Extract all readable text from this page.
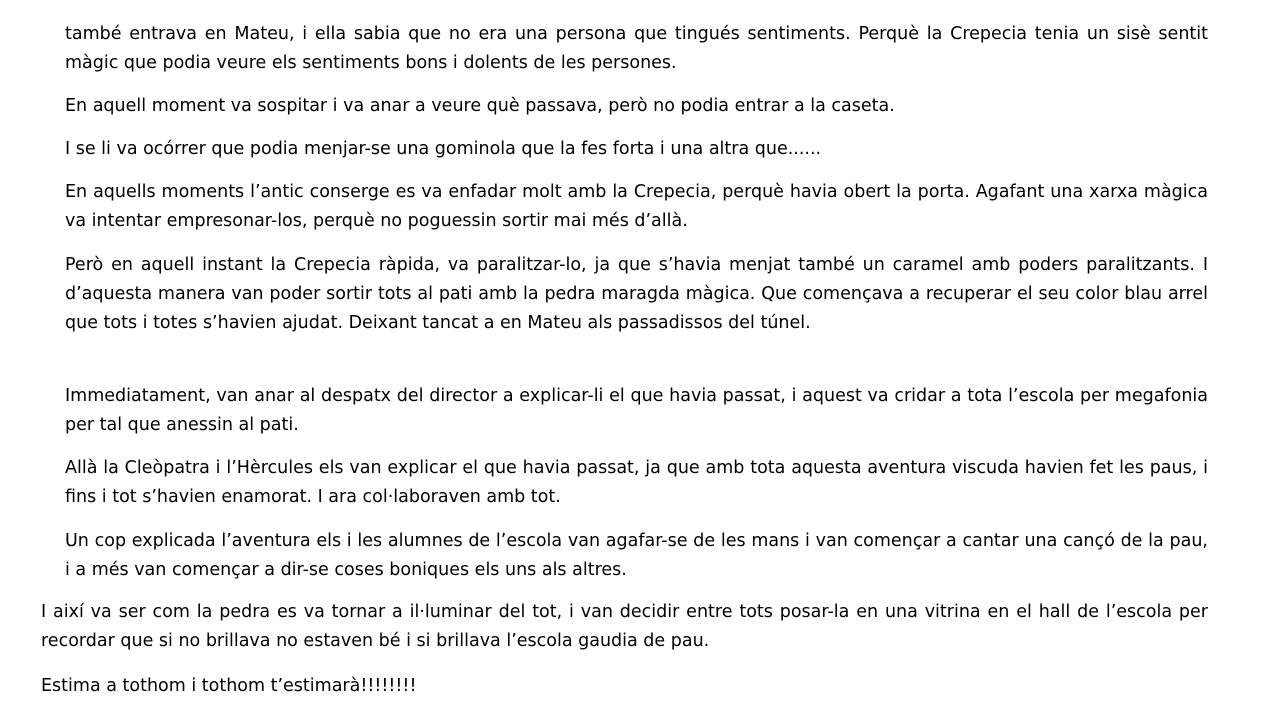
també entrava en Mateu, i ella sabia que no era una persona que tingués sentiments. Perquè la Crepecia tenia un sisè sentit màgic que podia veure els sentiments bons i dolents de les persones.

En aquell moment va sospitar i va anar a veure què passava, però no podia entrar a la caseta.

I se li va ocórrer que podia menjar-se una gominola que la fes forta i una altra que......

En aquells moments l’antic conserge es va enfadar molt amb la Crepecia, perquè havia obert la porta. Agafant una xarxa màgica va intentar empresonar-los, perquè no poguessin sortir mai més d’allà.

Però en aquell instant la Crepecia ràpida, va paralitzar-lo, ja que s’havia menjat també un caramel amb poders paralitzants. I d’aquesta manera van poder sortir tots al pati amb la pedra maragda màgica. Que començava a recuperar el seu color blau arrel que tots i totes s’havien ajudat. Deixant tancat a en Mateu als passadissos del túnel.

Immediatament, van anar al despatx del director a explicar-li el que havia passat, i aquest va cridar a tota l’escola per megafonia per tal que anessin al pati.

Allà la Cleòpatra i l’Hèrcules els van explicar el que havia passat, ja que amb tota aquesta aventura viscuda havien fet les paus, i fins i tot s’havien enamorat. I ara col·laboraven amb tot.

Un cop explicada l’aventura els i les alumnes de l’escola van agafar-se de les mans i van començar a cantar una cançó de la pau, i a més van començar a dir-se coses boniques els uns als altres.

I així va ser com la pedra es va tornar a il·luminar del tot, i van decidir entre tots posar-la en una vitrina en el hall de l’escola per recordar que si no brillava no estaven bé i si brillava l’escola gaudia de pau.

Estima a tothom i tothom t’estimarà!!!!!!!!
